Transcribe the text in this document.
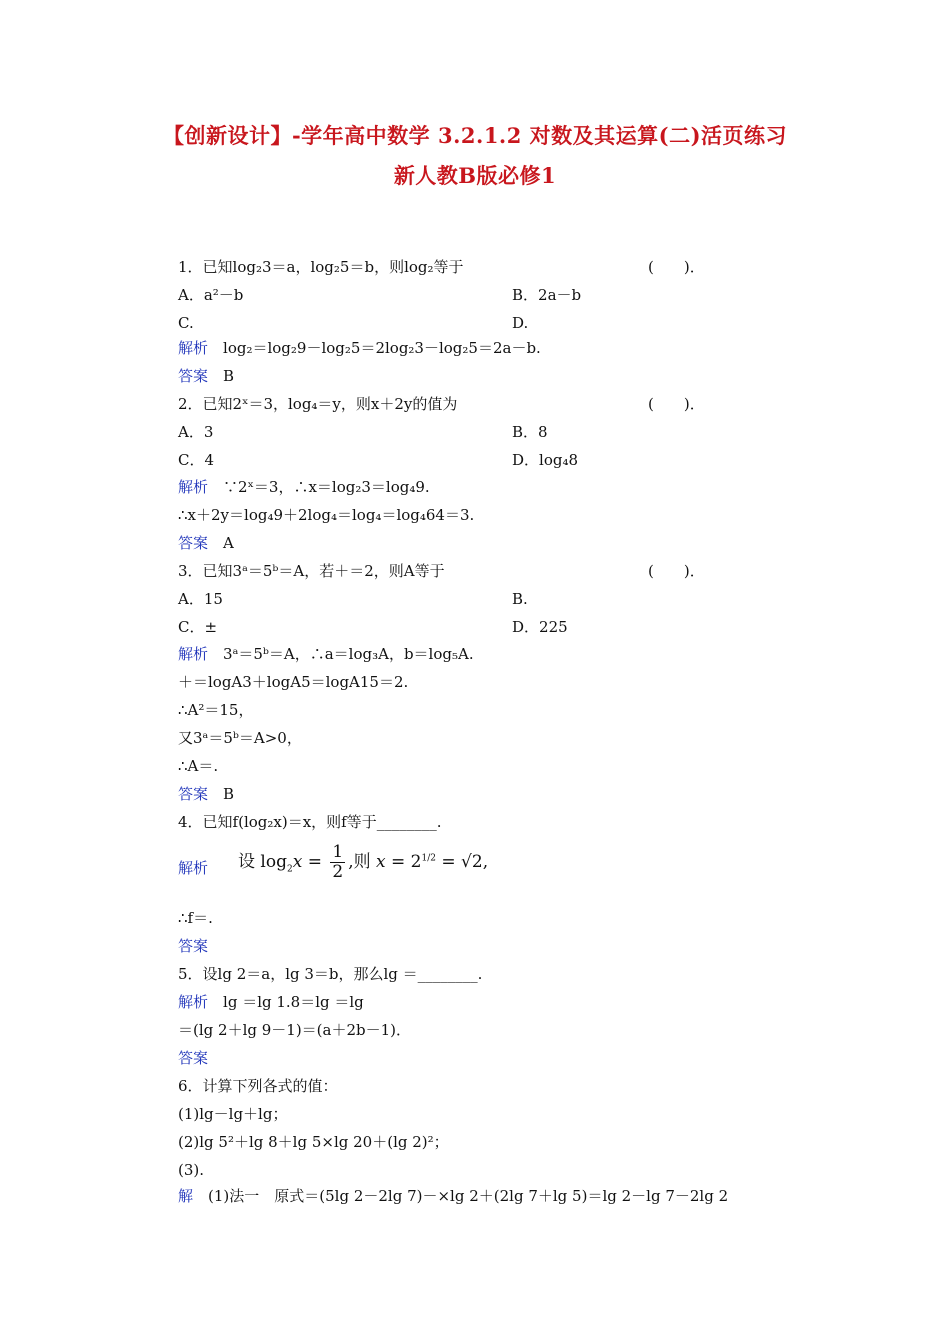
【创新设计】-学年高中数学 3.2.1.2 对数及其运算(二)活页练习
新人教B版必修1
1．已知log₂3＝a，log₂5＝b，则log₂等于	(　　)．
A．a²－b	B．2a－b
C.	D.
解析　 log₂＝log₂9－log₂5＝2log₂3－log₂5＝2a－b.
答案　 B
2．已知2ˣ＝3，log₄＝y，则x＋2y的值为	(　　)．
A．3	B．8
C．4	D．log₄8
解析　 ∵2ˣ＝3，∴x＝log₂3＝log₄9.
∴x＋2y＝log₄9＋2log₄＝log₄＝log₄64＝3.
答案　 A
3．已知3ᵃ＝5ᵇ＝A，若＋＝2，则A等于	(　　)．
A．15	B.
C．±	D．225
解析　 3ᵃ＝5ᵇ＝A，∴a＝log₃A，b＝log₅A.
＋＝logA3＋logA5＝logA15＝2.
∴A²＝15，
又3ᵃ＝5ᵇ＝A>0，
∴A＝.
答案　 B
4．已知f(log₂x)＝x，则f等于________.
解析 设 $\log_2x = \frac{1}{2}$ ,则 $x = 2^{1/2} = √2$,
∴f＝.
答案
5．设lg 2＝a，lg 3＝b，那么lg ＝________.
解析　 lg ＝lg 1.8＝lg ＝lg
＝(lg 2＋lg 9－1)＝(a＋2b－1)．
答案
6．计算下列各式的值：
(1)lg－lg＋lg；
(2)lg 5²＋lg 8＋lg 5×lg 20＋(lg 2)²；
(3).
解　 (1)法一　原式＝(5lg 2－2lg 7)－×lg 2＋(2lg 7＋lg 5)＝lg 2－lg 7－2lg 2
